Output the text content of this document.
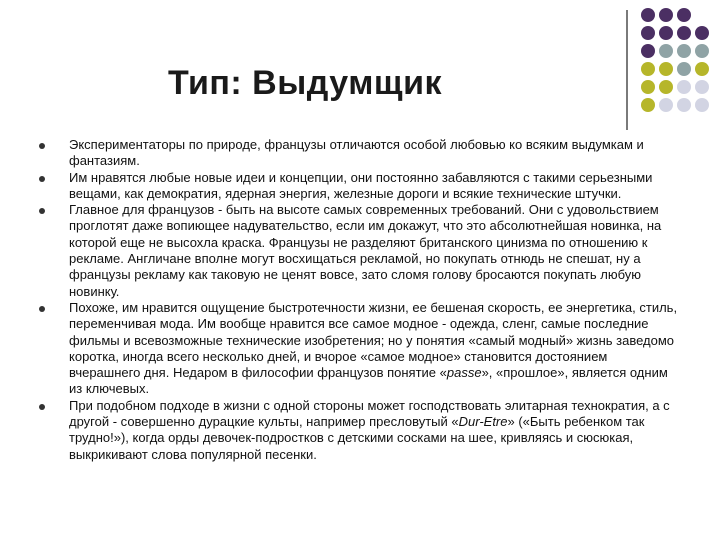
Тип: Выдумщик
Экспериментаторы по природе, французы отличаются особой любовью ко всяким выдумкам и фантазиям.
Им нравятся любые новые идеи и концепции, они постоянно забавляются с такими серьезными вещами, как демократия, ядерная энергия, железные дороги и всякие технические штучки.
Главное для французов - быть на высоте самых современных требований. Они с удовольствием проглотят даже вопиющее надувательство, если им докажут, что это абсолютнейшая новинка, на которой еще не высохла краска. Французы не разделяют британского цинизма по отношению к рекламе. Англичане вполне могут восхищаться рекламой, но покупать отнюдь не спешат, ну а французы рекламу как таковую не ценят вовсе, зато сломя голову бросаются покупать любую новинку.
Похоже, им нравится ощущение быстротечности жизни, ее бешеная скорость, ее энергетика, стиль, переменчивая мода. Им вообще нравится все самое модное - одежда, сленг, самые последние фильмы и всевозможные технические изобретения; но у понятия «самый модный» жизнь заведомо коротка, иногда всего несколько дней, и вчорое «самое модное» становится достоянием вчерашнего дня. Недаром в философии французов понятие «passe», «прошлое», является одним из ключевых.
При подобном подходе в жизни с одной стороны может господствовать элитарная технократия, а с другой - совершенно дурацкие культы, например пресловутый «Dur-Etre» («Быть ребенком так трудно!»), когда орды девочек-подростков с детскими сосками на шее, кривляясь и сюсюкая, выкрикивают слова популярной песенки.
